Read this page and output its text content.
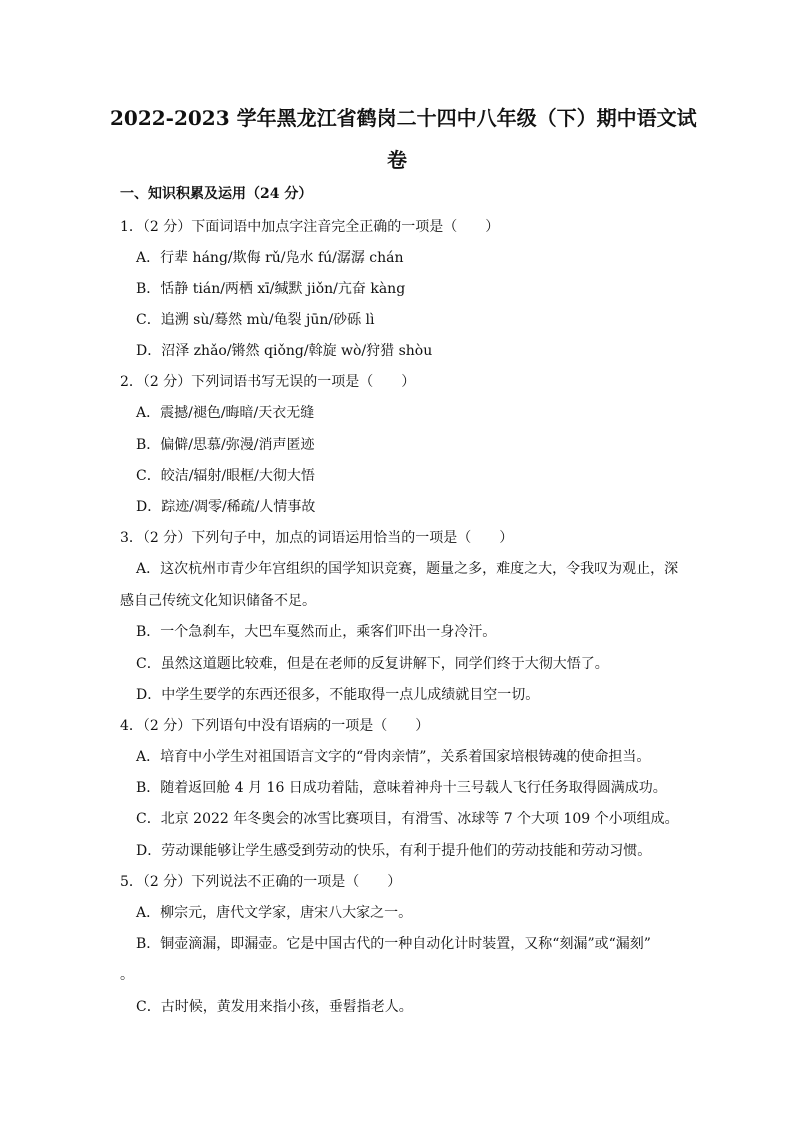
2022-2023 学年黑龙江省鹤岗二十四中八年级（下）期中语文试
卷
一、知识积累及运用（24 分）
1．（2 分）下面词语中加点字注音完全正确的一项是（　　）
A．行辈 háng/欺侮 rǔ/凫水 fú/潺潺 chán
B．恬静 tián/两栖 xī/缄默 jiǒn/亢奋 kàng
C．追溯 sù/蓦然 mù/龟裂 jūn/砂砾 lì
D．沼泽 zhǎo/锵然 qiǒng/斡旋 wò/狩猎 shòu
2．（2 分）下列词语书写无误的一项是（　　）
A．震撼/褪色/晦暗/天衣无缝
B．偏僻/思慕/弥漫/消声匿迹
C．皎洁/辐射/眼框/大彻大悟
D．踪迹/凋零/稀疏/人情事故
3．（2 分）下列句子中，加点的词语运用恰当的一项是（　　）
A．这次杭州市青少年宫组织的国学知识竞赛，题量之多，难度之大，令我叹为观止，深
感自己传统文化知识储备不足。
B．一个急刹车，大巴车戛然而止，乘客们吓出一身冷汗。
C．虽然这道题比较难，但是在老师的反复讲解下，同学们终于大彻大悟了。
D．中学生要学的东西还很多，不能取得一点儿成绩就目空一切。
4．（2 分）下列语句中没有语病的一项是（　　）
A．培育中小学生对祖国语言文字的“骨肉亲情”，关系着国家培根铸魂的使命担当。
B．随着返回舱 4 月 16 日成功着陆，意味着神舟十三号载人飞行任务取得圆满成功。
C．北京 2022 年冬奥会的冰雪比赛项目，有滑雪、冰球等 7 个大项 109 个小项组成。
D．劳动课能够让学生感受到劳动的快乐，有利于提升他们的劳动技能和劳动习惯。
5．（2 分）下列说法不正确的一项是（　　）
A．柳宗元，唐代文学家，唐宋八大家之一。
B．铜壶滴漏，即漏壶。它是中国古代的一种自动化计时装置，又称“刻漏”或“漏刻”
。
C．古时候，黄发用来指小孩，垂髫指老人。
